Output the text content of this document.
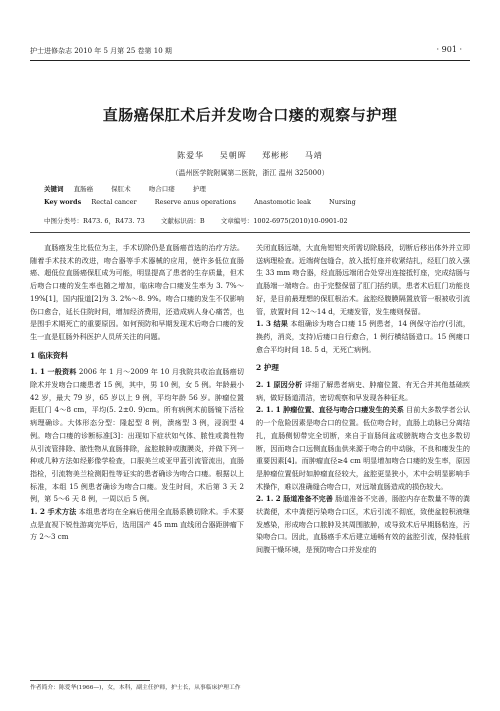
护士进修杂志 2010 年 5 月第 25 卷第 10 期	· 901 ·
直肠癌保肛术后并发吻合口瘘的观察与护理
陈爱华 吴朝晖 郑彬彬 马靖
（温州医学院附属第二医院，浙江 温州 325000）
关键词 直肠癌	保肛术	吻合口瘘	护理
Key words Rectal cancer	Reserve anus operations	Anastomotic leak	Nursing
中图分类号：R473. 6，R473. 73 文献标识码：B 文章编号：1002-6975(2010)10-0901-02

直肠癌发生比低位为主，手术切除仍是直肠癌首选的治疗方法。随着手术技术的改进，吻合器等手术器械的应用，使许多低位直肠癌、超低位直肠癌保肛成为可能，明显提高了患者的生存质量，但术后吻合口瘘的发生率也随之增加，临床吻合口瘘发生率为 3. 7%～19%[1]，国内报道[2]为 3. 2%～8. 9%。吻合口瘘的发生不仅影响伤口愈合，延长住院时间，增加经济费用，还造成病人身心痛苦，也是围手术期死亡的重要原因。如何预防和早期发现术后吻合口瘘的发生一直是肛肠外科医护人员所关注的问题。

1 临床资料

1. 1 一般资料 2006 年 1 月～2009 年 10 月我院共收治直肠癌切除术并发吻合口瘘患者 15 例，其中，男 10 例，女 5 例。年龄最小 42 岁，最大 79 岁，65 岁以上 9 例，平均年龄 56 岁。肿瘤位置距肛门 4～8 cm，平均(5. 2±0. 9)cm。所有病例术前肠镜下活检病理确诊。大体形态分型：隆起型 8 例，溃疡型 3 例，浸润型 4 例。吻合口瘘的诊断标准[3]：出现如下症状如气体、脓性或粪性物从引流管排除、脓性物从直肠排除，盆腔脓肿或腹膜炎，并做下列一种或几种方法如经影像学检查，口服美兰或亚甲蓝引流管流出，直肠指检，引流物美兰检测阳性等证实的患者确诊为吻合口瘘。根据以上标准，本组 15 例患者确诊为吻合口瘘。发生时间，术后第 3 天 2 例，第 5～6 天 8 例，一周以后 5 例。

1. 2 手术方法 本组患者均在全麻后使用全直肠系膜切除术。手术要点是直视下锐性游离完毕后，选用国产 45 mm 直线闭合器距肿瘤下方 2～3 cm

作者简介：陈爱华(1966—)，女，本科，副主任护师，护士长，从事临床护理工作

关闭直肠远端，大直角钳钳夹所需切除肠段，切断后移出体外并立即送病理检查。近端荷包缝合，放入抵钉座并收紧结扎，经肛门放入强生 33 mm 吻合器，经直肠远端闭合处穿出连接抵钉座，完成结肠与直肠端一端吻合。由于完整保留了肛门括约肌，患者术后肛门功能良好，是目前最理想的保肛根治术。盆腔经腹膜隔置放管一根被收引流管，放置时间 12～14 d，无瘘发管，发生瘘则保留。

1. 3 结果 本组确诊为吻合口瘘 15 例患者，14 例保守治疗(引流，换药，消炎，支持)后瘘口自行愈合，1 例行横结肠造口。15 例瘘口愈合平均时间 18. 5 d，无死亡病例。

2 护理

2. 1 原因分析 详细了解患者病史、肿瘤位置、有无合并其他基础疾病，做好肠道清洁，密切观察和早发现各种征兆。

2. 1. 1 肿瘤位置、直径与吻合口瘘发生的关系 目前大多数学者公认的一个危险因素是吻合口的位置。低位吻合时，直肠上动脉已分离结扎，直肠侧韧带完全切断，来自于盲肠间盆或膀胱吻合支也多数切断，因而吻合口远侧直肠血供来源于吻合的中动脉，不良和瘘发生的重要因素[4]。而肿瘤直径≥4 cm 明显增加吻合口瘘的发生率，原因是肿瘤位置低时如肿瘤直径较大，盆腔更显狭小，术中会明显影响手术操作，难以准确缝合吻合口，对远端直肠造成的损伤较大。

2. 1. 2 肠道准备不完善 肠道准备不完善，肠腔内存在数量不等的粪状粪便，术中粪便污染吻合口区，术后引流不彻底，致使盆腔积液继发感染，形成吻合口脓肿及其周围脓肿，或导致术后早期肠粘连，污染吻合口。因此，直肠癌手术后建立通畅有效的盆腔引流，保持低前间腹干燥环境，是预防吻合口并发症的
